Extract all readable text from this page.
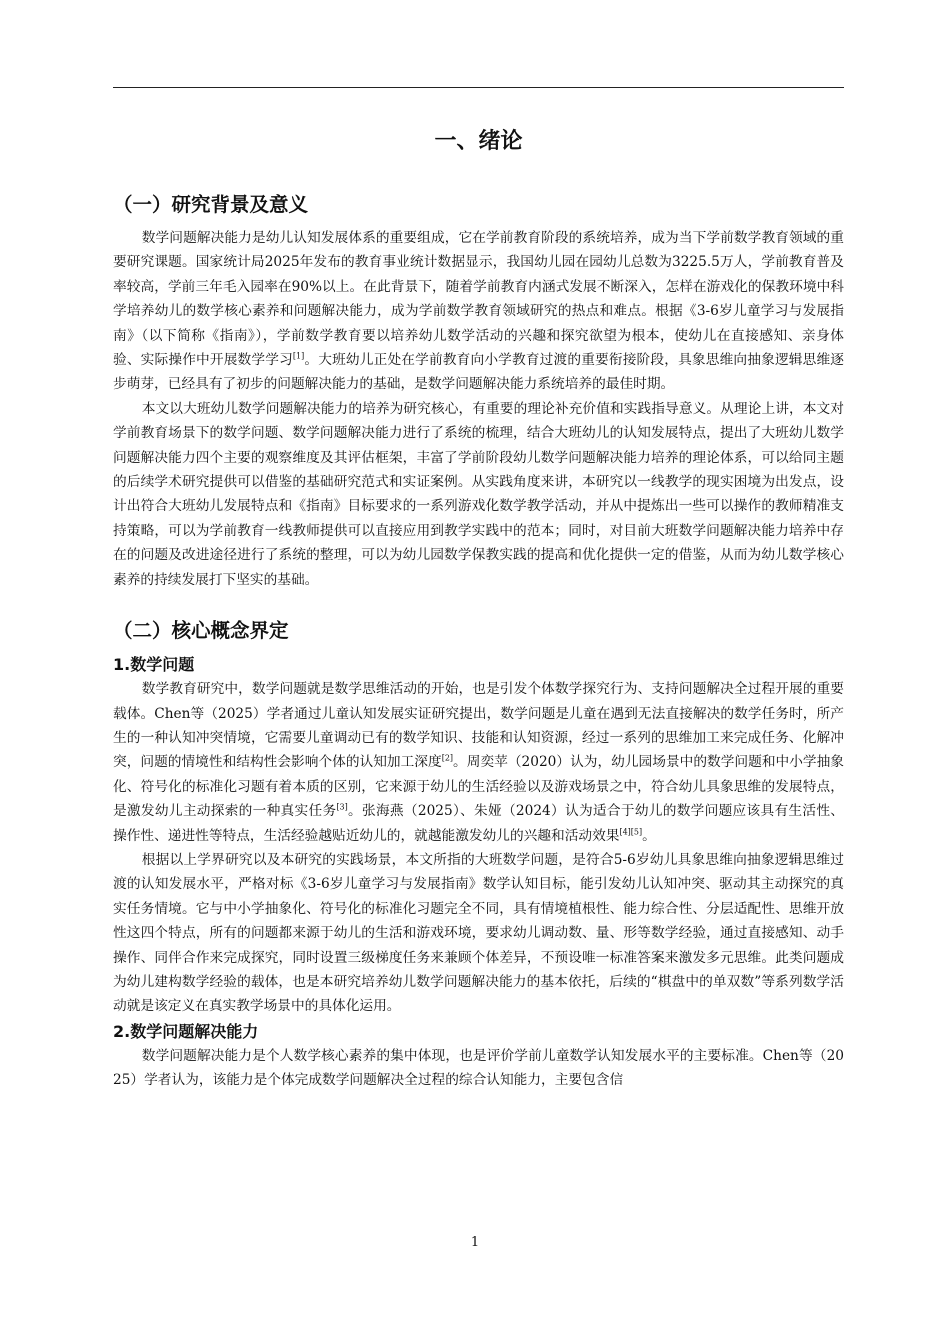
一、绪论
（一）研究背景及意义

数学问题解决能力是幼儿认知发展体系的重要组成，它在学前教育阶段的系统培养，成为当下学前数学教育领域的重要研究课题。国家统计局2025年发布的教育事业统计数据显示，我国幼儿园在园幼儿总数为3225.5万人，学前教育普及率较高，学前三年毛入园率在90%以上。在此背景下，随着学前教育内涵式发展不断深入，怎样在游戏化的保教环境中科学培养幼儿的数学核心素养和问题解决能力，成为学前数学教育领域研究的热点和难点。根据《3-6岁儿童学习与发展指南》（以下简称《指南》），学前数学教育要以培养幼儿数学活动的兴趣和探究欲望为根本，使幼儿在直接感知、亲身体验、实际操作中开展数学学习[1]。大班幼儿正处在学前教育向小学教育过渡的重要衔接阶段，具象思维向抽象逻辑思维逐步萌芽，已经具有了初步的问题解决能力的基础，是数学问题解决能力系统培养的最佳时期。

本文以大班幼儿数学问题解决能力的培养为研究核心，有重要的理论补充价值和实践指导意义。从理论上讲，本文对学前教育场景下的数学问题、数学问题解决能力进行了系统的梳理，结合大班幼儿的认知发展特点，提出了大班幼儿数学问题解决能力四个主要的观察维度及其评估框架，丰富了学前阶段幼儿数学问题解决能力培养的理论体系，可以给同主题的后续学术研究提供可以借鉴的基础研究范式和实证案例。从实践角度来讲，本研究以一线教学的现实困境为出发点，设计出符合大班幼儿发展特点和《指南》目标要求的一系列游戏化数学教学活动，并从中提炼出一些可以操作的教师精准支持策略，可以为学前教育一线教师提供可以直接应用到教学实践中的范本；同时，对目前大班数学问题解决能力培养中存在的问题及改进途径进行了系统的整理，可以为幼儿园数学保教实践的提高和优化提供一定的借鉴，从而为幼儿数学核心素养的持续发展打下坚实的基础。

（二）核心概念界定
1.数学问题

数学教育研究中，数学问题就是数学思维活动的开始，也是引发个体数学探究行为、支持问题解决全过程开展的重要载体。Chen等（2025）学者通过儿童认知发展实证研究提出，数学问题是儿童在遇到无法直接解决的数学任务时，所产生的一种认知冲突情境，它需要儿童调动已有的数学知识、技能和认知资源，经过一系列的思维加工来完成任务、化解冲突，问题的情境性和结构性会影响个体的认知加工深度[2]。周奕苹（2020）认为，幼儿园场景中的数学问题和中小学抽象化、符号化的标准化习题有着本质的区别，它来源于幼儿的生活经验以及游戏场景之中，符合幼儿具象思维的发展特点，是激发幼儿主动探索的一种真实任务[3]。张海燕（2025）、朱娅（2024）认为适合于幼儿的数学问题应该具有生活性、操作性、递进性等特点，生活经验越贴近幼儿的，就越能激发幼儿的兴趣和活动效果[4][5]。

根据以上学界研究以及本研究的实践场景，本文所指的大班数学问题，是符合5-6岁幼儿具象思维向抽象逻辑思维过渡的认知发展水平，严格对标《3-6岁儿童学习与发展指南》数学认知目标，能引发幼儿认知冲突、驱动其主动探究的真实任务情境。它与中小学抽象化、符号化的标准化习题完全不同，具有情境植根性、能力综合性、分层适配性、思维开放性这四个特点，所有的问题都来源于幼儿的生活和游戏环境，要求幼儿调动数、量、形等数学经验，通过直接感知、动手操作、同伴合作来完成探究，同时设置三级梯度任务来兼顾个体差异，不预设唯一标准答案来激发多元思维。此类问题成为幼儿建构数学经验的载体，也是本研究培养幼儿数学问题解决能力的基本依托，后续的“棋盘中的单双数”等系列数学活动就是该定义在真实教学场景中的具体化运用。

2.数学问题解决能力

数学问题解决能力是个人数学核心素养的集中体现，也是评价学前儿童数学认知发展水平的主要标准。Chen等（2025）学者认为，该能力是个体完成数学问题解决全过程的综合认知能力，主要包含信

1
